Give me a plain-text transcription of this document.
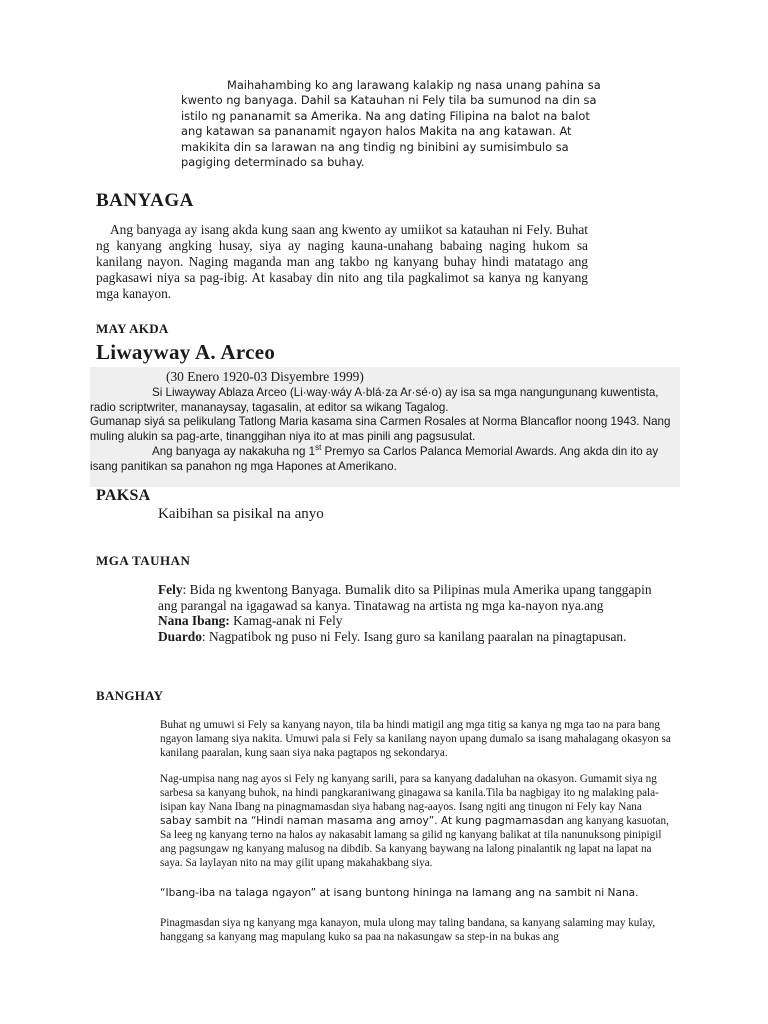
Maihahambing ko ang larawang kalakip ng nasa unang pahina sa kwento ng banyaga. Dahil sa Katauhan ni Fely tila ba sumunod na din sa istilo ng pananamit sa Amerika. Na ang dating Filipina na balot na balot ang katawan sa pananamit ngayon halos Makita na ang katawan. At makikita din sa larawan na ang tindig ng binibini ay sumisimbulo sa pagiging determinado sa buhay.
BANYAGA
Ang banyaga ay isang akda kung saan ang kwento ay umiikot sa katauhan ni Fely. Buhat ng kanyang angking husay, siya ay naging kauna-unahang babaing naging hukom sa kanilang nayon. Naging maganda man ang takbo ng kanyang buhay hindi matatago ang pagkasawi niya sa pag-ibig. At kasabay din nito ang tila pagkalimot sa kanya ng kanyang mga kanayon.
MAY AKDA
Liwayway A. Arceo
(30 Enero 1920-03 Disyembre 1999)

Si Liwayway Ablaza Arceo (Li·way·wáy A·blá·za Ar·sé·o) ay isa sa mga nangungunang kuwentista, radio scriptwriter, mananaysay, tagasalin, at editor sa wikang Tagalog.

Gumanap siyá sa pelikulang Tatlong Maria kasama sina Carmen Rosales at Norma Blancaflor noong 1943. Nang muling alukin sa pag-arte, tinanggihan niya ito at mas pinili ang pagsusulat.

Ang banyaga ay nakakuha ng 1st Premyo sa Carlos Palanca Memorial Awards. Ang akda din ito ay isang panitikan sa panahon ng mga Hapones at Amerikano.

PAKSA
Kaibihan sa pisikal na anyo
MGA TAUHAN

Fely: Bida ng kwentong Banyaga. Bumalik dito sa Pilipinas mula Amerika upang tanggapin ang parangal na igagawad sa kanya. Tinatawag na artista ng mga ka-nayon nya.ang

Nana Ibang: Kamag-anak ni Fely

Duardo: Nagpatibok ng puso ni Fely. Isang guro sa kanilang paaralan na pinagtapusan.

BANGHAY

Buhat ng umuwi si Fely sa kanyang nayon, tila ba hindi matigil ang mga titig sa kanya ng mga tao na para bang ngayon lamang siya nakita. Umuwi pala si Fely sa kanilang nayon upang dumalo sa isang mahalagang okasyon sa kanilang paaralan, kung saan siya naka pagtapos ng sekondarya.

Nag-umpisa nang nag ayos si Fely ng kanyang sarili, para sa kanyang dadaluhan na okasyon. Gumamit siya ng sarbesa sa kanyang buhok, na hindi pangkaraniwang ginagawa sa kanila.Tila ba nagbigay ito ng malaking pala-isipan kay Nana Ibang na pinagmamasdan siya habang nag-aayos. Isang ngiti ang tinugon ni Fely kay Nana sabay sambit na “Hindi naman masama ang amoy”. At kung pagmamasdan ang kanyang kasuotan, Sa leeg ng kanyang terno na halos ay nakasabit lamang sa gilid ng kanyang balikat at tila nanunuksong pinipigil ang pagsungaw ng kanyang malusog na dibdib. Sa kanyang baywang na lalong pinalantik ng lapat na lapat na saya. Sa laylayan nito na may gilit upang makahakbang siya.

“Ibang-iba na talaga ngayon” at isang buntong hininga na lamang ang na sambit ni Nana.

Pinagmasdan siya ng kanyang mga kanayon, mula ulong may taling bandana, sa kanyang salaming may kulay, hanggang sa kanyang mag mapulang kuko sa paa na nakasungaw sa step-in na bukas ang
